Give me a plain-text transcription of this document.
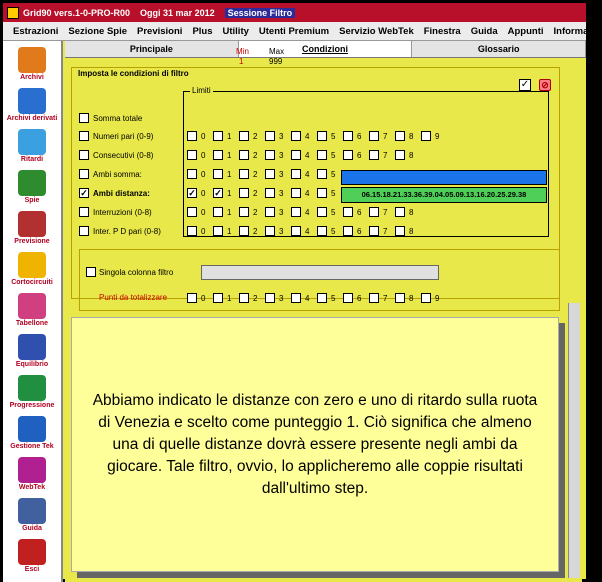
Grid90 vers.1-0-PRO-R00 Oggi 31 mar 2012	Sessione Filtro
Estrazioni Sezione Spie Previsioni Plus Utility Utenti Premium Servizio WebTek Finestra Guida Appunti Informazio
Archivi
Archivi derivati
Ritardi
Spie
Previsione
Cortocircuiti
Tabellone
Equilibrio
Progressione
Gestione Tek
WebTek
Guida
Esci
Principale	Condizioni	Glossario
Imposta le condizioni di filtro
✓ ⊘
Limiti
Min	Max
1	999
Somma totale
Numeri pari (0-9)	0	1	2	3	4	5	6	7	8	9
Consecutivi (0-8)	0	1	2	3	4	5	6	7	8
Ambi somma:	0	1	2	3	4	5
✓ Ambi distanza:	✓ 0 ✓ 1	2	3	4	5
Interruzioni (0-8)	0	1	2	3	4	5	6	7	8
Inter. P D pari (0-8)	0	1	2	3	4	5	6	7	8
06.15.18.21.33.36.39.04.05.09.13.16.20.25.29.38
Singola colonna filtro
Punti da totalizzare	0	1	2	3	4	5	6	7	8	9
Abbiamo indicato le distanze con zero e uno di ritardo sulla ruota di Venezia e scelto come punteggio 1. Ciò significa che almeno una di quelle distanze dovrà essere presente negli ambi da giocare. Tale filtro, ovvio, lo applicheremo alle coppie risultati dall'ultimo step.
